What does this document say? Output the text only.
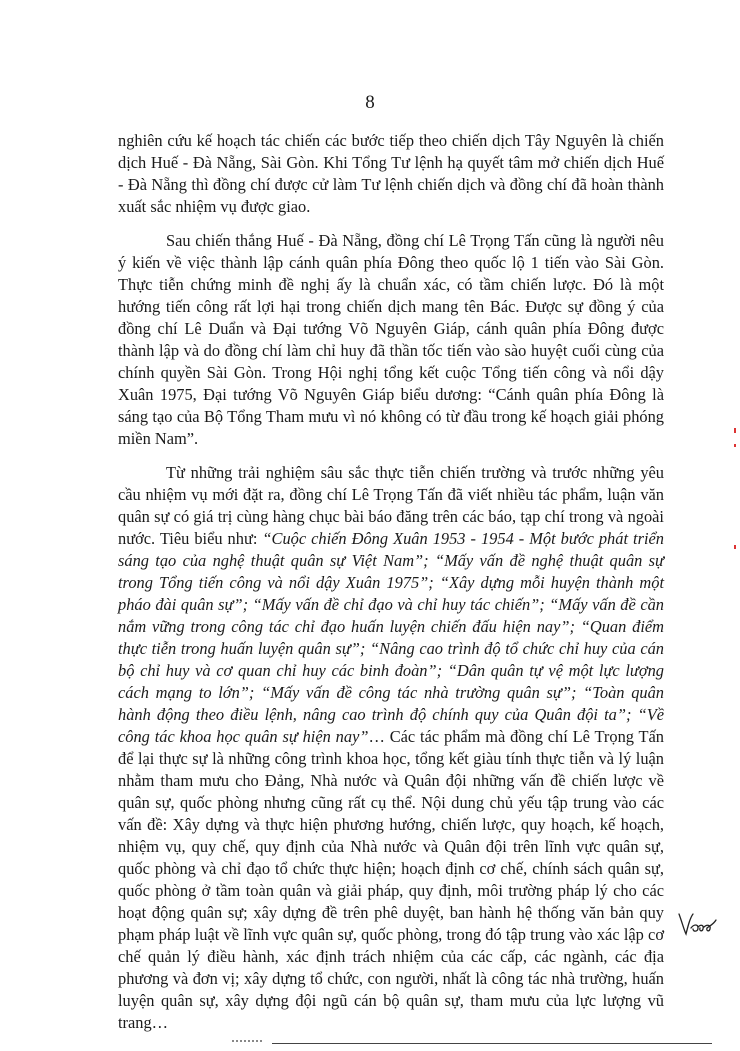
8

nghiên cứu kế hoạch tác chiến các bước tiếp theo chiến dịch Tây Nguyên là chiến dịch Huế - Đà Nẵng, Sài Gòn. Khi Tổng Tư lệnh hạ quyết tâm mở chiến dịch Huế - Đà Nẵng thì đồng chí được cử làm Tư lệnh chiến dịch và đồng chí đã hoàn thành xuất sắc nhiệm vụ được giao.

Sau chiến thắng Huế - Đà Nẵng, đồng chí Lê Trọng Tấn cũng là người nêu ý kiến về việc thành lập cánh quân phía Đông theo quốc lộ 1 tiến vào Sài Gòn. Thực tiễn chứng minh đề nghị ấy là chuẩn xác, có tầm chiến lược. Đó là một hướng tiến công rất lợi hại trong chiến dịch mang tên Bác. Được sự đồng ý của đồng chí Lê Duẩn và Đại tướng Võ Nguyên Giáp, cánh quân phía Đông được thành lập và do đồng chí làm chỉ huy đã thần tốc tiến vào sào huyệt cuối cùng của chính quyền Sài Gòn. Trong Hội nghị tổng kết cuộc Tổng tiến công và nổi dậy Xuân 1975, Đại tướng Võ Nguyên Giáp biểu dương: “Cánh quân phía Đông là sáng tạo của Bộ Tổng Tham mưu vì nó không có từ đầu trong kế hoạch giải phóng miền Nam”.

Từ những trải nghiệm sâu sắc thực tiễn chiến trường và trước những yêu cầu nhiệm vụ mới đặt ra, đồng chí Lê Trọng Tấn đã viết nhiều tác phẩm, luận văn quân sự có giá trị cùng hàng chục bài báo đăng trên các báo, tạp chí trong và ngoài nước. Tiêu biểu như: “Cuộc chiến Đông Xuân 1953 - 1954 - Một bước phát triển sáng tạo của nghệ thuật quân sự Việt Nam”; “Mấy vấn đề nghệ thuật quân sự trong Tổng tiến công và nổi dậy Xuân 1975”; “Xây dựng mỗi huyện thành một pháo đài quân sự”; “Mấy vấn đề chỉ đạo và chỉ huy tác chiến”; “Mấy vấn đề cần nắm vững trong công tác chỉ đạo huấn luyện chiến đấu hiện nay”; “Quan điểm thực tiễn trong huấn luyện quân sự”; “Nâng cao trình độ tổ chức chỉ huy của cán bộ chỉ huy và cơ quan chỉ huy các binh đoàn”; “Dân quân tự vệ một lực lượng cách mạng to lớn”; “Mấy vấn đề công tác nhà trường quân sự”; “Toàn quân hành động theo điều lệnh, nâng cao trình độ chính quy của Quân đội ta”; “Về công tác khoa học quân sự hiện nay”… Các tác phẩm mà đồng chí Lê Trọng Tấn để lại thực sự là những công trình khoa học, tổng kết giàu tính thực tiễn và lý luận nhằm tham mưu cho Đảng, Nhà nước và Quân đội những vấn đề chiến lược về quân sự, quốc phòng nhưng cũng rất cụ thể. Nội dung chủ yếu tập trung vào các vấn đề: Xây dựng và thực hiện phương hướng, chiến lược, quy hoạch, kế hoạch, nhiệm vụ, quy chế, quy định của Nhà nước và Quân đội trên lĩnh vực quân sự, quốc phòng và chỉ đạo tổ chức thực hiện; hoạch định cơ chế, chính sách quân sự, quốc phòng ở tầm toàn quân và giải pháp, quy định, môi trường pháp lý cho các hoạt động quân sự; xây dựng đề trên phê duyệt, ban hành hệ thống văn bản quy phạm pháp luật về lĩnh vực quân sự, quốc phòng, trong đó tập trung vào xác lập cơ chế quản lý điều hành, xác định trách nhiệm của các cấp, các ngành, các địa phương và đơn vị; xây dựng tổ chức, con người, nhất là công tác nhà trường, huấn luyện quân sự, xây dựng đội ngũ cán bộ quân sự, tham mưu của lực lượng vũ trang…
